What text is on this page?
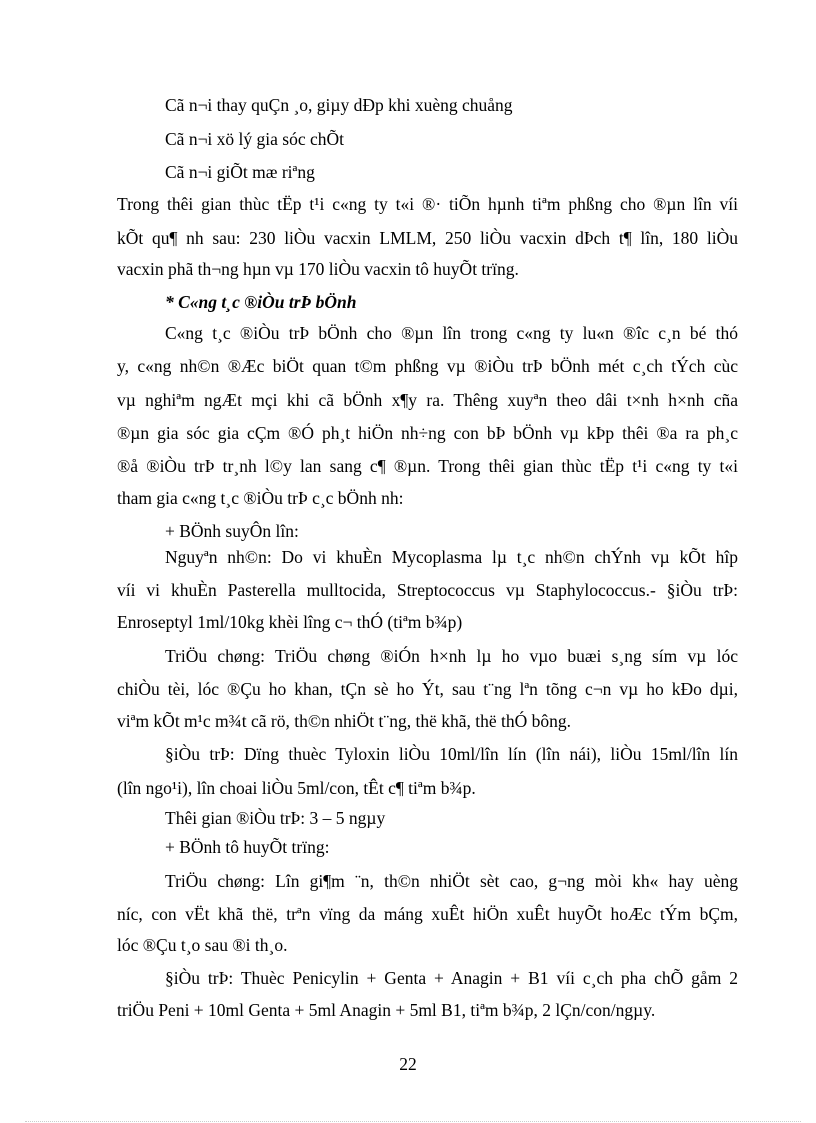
Cã n¬i thay quÇn ¸o, giµy dÐp khi xuèng chuång
Cã n¬i xö lý gia sóc chÕt
Cã n¬i giÕt mæ riªng
Trong thêi gian thùc tËp t¹i c«ng ty t«i ®· tiÕn hµnh tiªm phßng cho ®µn lîn víi
kÕt qu¶ nh sau: 230 liÒu vacxin LMLM, 250 liÒu vacxin dÞch t¶ lîn, 180 liÒu
vacxin phã th¬ng hµn vµ 170 liÒu vacxin tô huyÕt trïng.
* C«ng t¸c ®iÒu trÞ bÖnh
C«ng t¸c ®iÒu trÞ bÖnh cho ®µn lîn trong c«ng ty lu«n ®îc c¸n bé thó
y, c«ng nh©n ®Æc biÖt quan t©m phßng vµ ®iÒu trÞ bÖnh mét c¸ch tÝch cùc
vµ nghiªm ngÆt mçi khi cã bÖnh x¶y ra. Thêng xuyªn theo dâi t×nh h×nh cña
®µn gia sóc gia cÇm ®Ó ph¸t hiÖn nh÷ng con bÞ bÖnh vµ kÞp thêi ®a ra ph¸c
®å ®iÒu trÞ tr¸nh l©y lan sang c¶ ®µn. Trong thêi gian thùc tËp t¹i c«ng ty t«i
tham gia c«ng t¸c ®iÒu trÞ c¸c bÖnh nh:
+ BÖnh suyÔn lîn:
Nguyªn nh©n: Do vi khuÈn Mycoplasma lµ t¸c nh©n chÝnh vµ kÕt hîp
víi vi khuÈn Pasterella mulltocida, Streptococcus vµ Staphylococcus.- §iÒu trÞ:
Enroseptyl 1ml/10kg khèi lîng c¬ thÓ (tiªm b¾p)
TriÖu chøng: TriÖu chøng ®iÓn h×nh lµ ho vµo buæi s¸ng sím vµ lóc
chiÒu tèi, lóc ®Çu ho khan, tÇn sè ho Ýt, sau t¨ng lªn tõng c¬n vµ ho kÐo dµi,
viªm kÕt m¹c m¾t cã rö, th©n nhiÖt t¨ng, thë khã, thë thÓ bông.
§iÒu trÞ: Dïng thuèc Tyloxin liÒu 10ml/lîn lín (lîn nái), liÒu 15ml/lîn lín
(lîn ngo¹i), lîn choai liÒu 5ml/con, tÊt c¶ tiªm b¾p.
Thêi gian ®iÒu trÞ: 3 – 5 ngµy
+ BÖnh tô huyÕt trïng:
TriÖu chøng: Lîn gi¶m ¨n, th©n nhiÖt sèt cao, g¬ng mòi kh« hay uèng
níc, con vËt khã thë, trªn vïng da máng xuÊt hiÖn xuÊt huyÕt hoÆc tÝm bÇm,
lóc ®Çu t¸o sau ®i th¸o.
§iÒu trÞ: Thuèc Penicylin + Genta + Anagin + B1 víi c¸ch pha chÕ gåm 2
triÖu Peni + 10ml Genta + 5ml Anagin + 5ml B1, tiªm b¾p, 2 lÇn/con/ngµy.
22
